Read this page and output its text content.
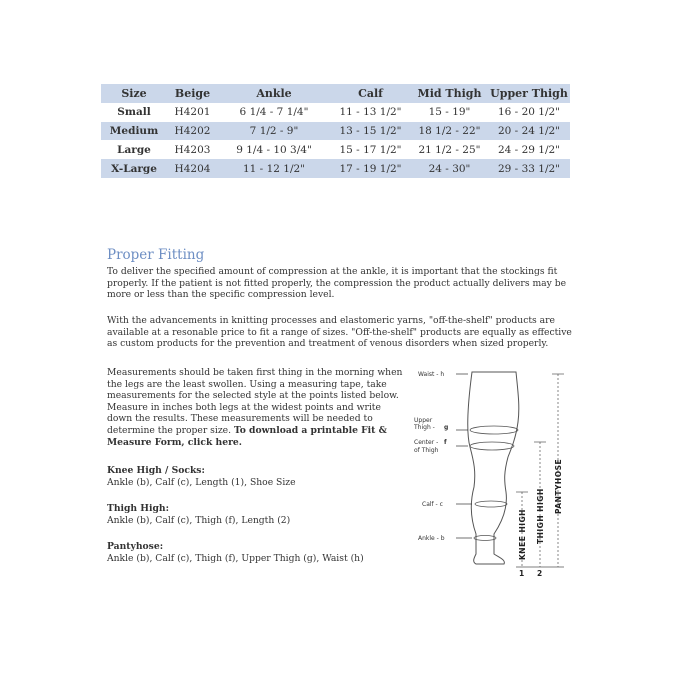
Size	Beige	Ankle	Calf	Mid Thigh	Upper Thigh
Small	H4201	6 1/4 - 7 1/4"	11 - 13 1/2"	15 - 19"	16 - 20 1/2"
Medium	H4202	7 1/2 - 9"	13 - 15 1/2"	18 1/2 - 22"	20 - 24 1/2"
Large	H4203	9 1/4 - 10 3/4"	15 - 17 1/2"	21 1/2 - 25"	24 - 29 1/2"
X-Large	H4204	11 - 12 1/2"	17 - 19 1/2"	24 - 30"	29 - 33 1/2"
Proper Fitting

To deliver the specified amount of compression at the ankle, it is important that the stockings fit properly. If the patient is not fitted properly, the compression the product actually delivers may be more or less than the specific compression level.

With the advancements in knitting processes and elastomeric yarns, "off-the-shelf" products are available at a resonable price to fit a range of sizes. "Off-the-shelf" products are equally as effective as custom products for the prevention and treatment of venous disorders when sized properly.

Measurements should be taken first thing in the morning when the legs are the least swollen. Using a measuring tape, take measurements for the selected style at the points listed below. Measure in inches both legs at the widest points and write down the results. These measurements will be needed to determine the proper size. To download a printable Fit & Measure Form, click here.

Knee High / Socks:
Ankle (b), Calf (c), Length (1), Shoe Size

Thigh High:
Ankle (b), Calf (c), Thigh (f), Length (2)

Pantyhose:
Ankle (b), Calf (c), Thigh (f), Upper Thigh (g), Waist (h)

Waist - h
Upper
Thigh - g
Center - f
of Thigh
Calf - c
Ankle - b	KNEE HIGH THIGH HIGH
PANTYHOSE
1 2
